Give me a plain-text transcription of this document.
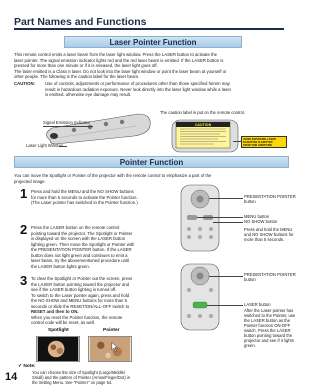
Part Names and Functions
Laser Pointer Function
This remote control emits a laser beam from the laser light window. Press the LASER button to activate the
laser pointer. The signal emission indicator lights red and the red laser beam is emitted. If the LASER button is
pressed for more than one minute or if it is released, the laser light goes off.
The laser emitted is a Class II laser. Do not look into the laser light window or point the laser beam at yourself or
other people. The following is the caution label for the laser beam.
CAUTION: Use of controls, adjustments or performance of procedures other than those specified herein may
result in hazardous radiation exposure. Never look directly into the laser light window while a laser
is emitted, otherwise eye damage may result.
Signal Emission Indicator
Laser Light Window
The caution label is put on the remote control.
CAUTION
AVOID EXPOSURE-LASER
RADIATION IS EMITTED
FROM THIS APERTURE
Pointer Function
You can move the Spotlight or Pointer of the projector with the remote control to emphasize a part of the
projected image.
1 Press and hold the MENU and the NO SHOW buttons
for more than 5 seconds to activate the Pointer function.
(The Laser pointer has switched to the Pointer function.)
2 Press the LASER button on the remote control
pointing toward the projector. The Spotlight or Pointer
is displayed on the screen with the LASER button
lighting green. Then move the Spotlight or Pointer with
the PRESENTATION POINTER button. If the LASER
button does not light green and continues to emit a
laser beam, try the abovementioned procedure until
the LASER button lights green.
3 To clear the Spotlight or Pointer out the screen, press
the LASER button pointing toward the projector and
see if the LASER button lighting is turned off.
To switch to the Laser pointer again, press and hold
the NO SHOW and MENU buttons for more than 5
seconds or slide the RESET/ON/ALL-OFF switch to
RESET and then to ON.
When you reset the Pointer function, the remote
control code will be reset, as well.
Spotlight	Pointer
✓ Note:
You can choose the size of Spotlight (Large/Middle/
Small) and the pattern of Pointer (Arrow/Finger/Dot) in
the Setting Menu. See "Pointer" on page 54.
14
PRESENTATION POINTER
button
MENU button
NO SHOW button
Press and hold the MENU
and NO SHOW buttons for
more than 5 seconds.
PRESENTATION POINTER
button
LASER button
After the Laser pointer has
switched to the Pointer, use
the LASER button as the
Pointer function ON-OFF
switch. Press the LASER
button pointing toward the
projector and see if it lights
green.
